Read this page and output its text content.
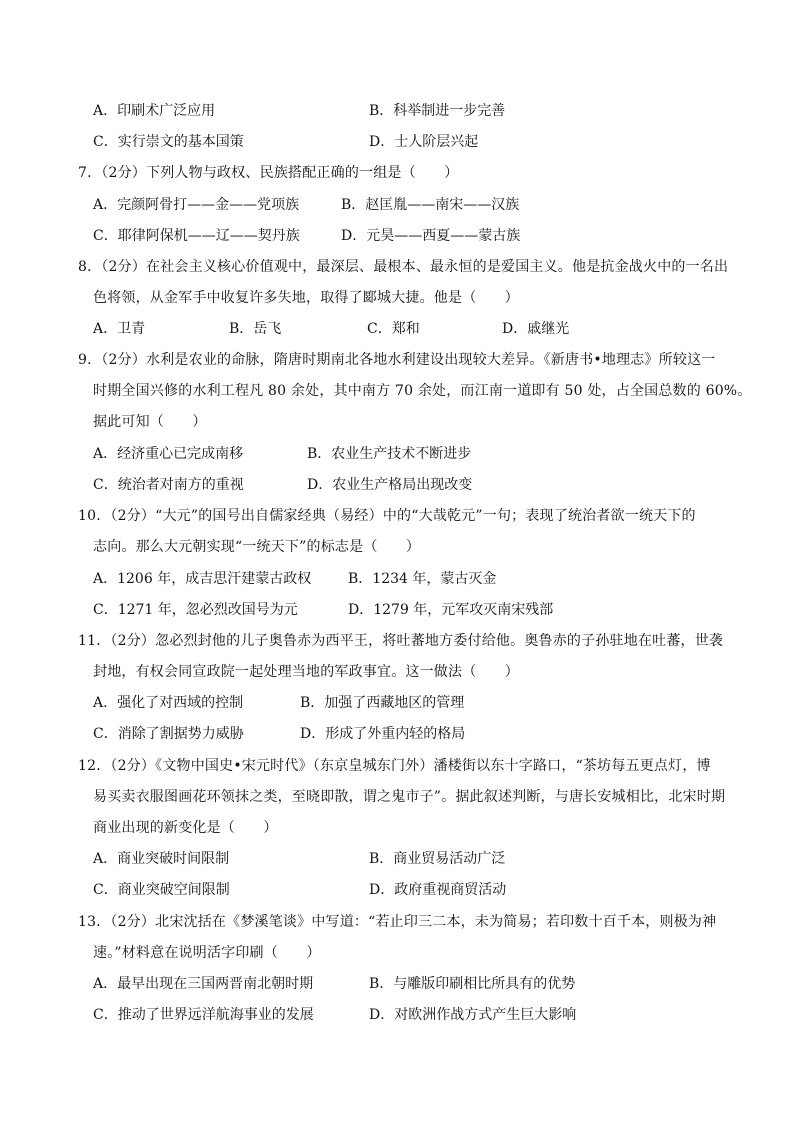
A．印刷术广泛应用	B．科举制进一步完善
C．实行崇文的基本国策	D．士人阶层兴起
7．（2分）下列人物与政权、民族搭配正确的一组是（　　）
A．完颜阿骨打——金——党项族	B．赵匡胤——南宋——汉族
C．耶律阿保机——辽——契丹族	D．元昊——西夏——蒙古族
8．（2分）在社会主义核心价值观中，最深层、最根本、最永恒的是爱国主义。他是抗金战火中的一名出
色将领，从金军手中收复许多失地，取得了郾城大捷。他是（　　）
A．卫青	B．岳飞	C．郑和	D．戚继光
9．（2分）水利是农业的命脉，隋唐时期南北各地水利建设出现较大差异。《新唐书•地理志》所较这一
时期全国兴修的水利工程凡 80 余处，其中南方 70 余处，而江南一道即有 50 处，占全国总数的 60%。
据此可知（　　）
A．经济重心已完成南移	B．农业生产技术不断进步
C．统治者对南方的重视	D．农业生产格局出现改变
10．（2分）“大元”的国号出自儒家经典（易经）中的“大哉乾元”一句；表现了统治者欲一统天下的
志向。那么大元朝实现“一统天下”的标志是（　　）
A．1206 年，成吉思汗建蒙古政权	B．1234 年，蒙古灭金
C．1271 年，忽必烈改国号为元	D．1279 年，元军攻灭南宋残部
11．（2分）忽必烈封他的儿子奥鲁赤为西平王，将吐蕃地方委付给他。奥鲁赤的子孙驻地在吐蕃，世袭
封地，有权会同宣政院一起处理当地的军政事宜。这一做法（　　）
A．强化了对西域的控制	B．加强了西藏地区的管理
C．消除了割据势力威胁	D．形成了外重内轻的格局
12．（2分）《文物中国史•宋元时代》（东京皇城东门外）潘楼街以东十字路口，“茶坊每五更点灯，博
易买卖衣服图画花环领抹之类，至晓即散，谓之鬼市子”。据此叙述判断，与唐长安城相比，北宋时期
商业出现的新变化是（　　）
A．商业突破时间限制	B．商业贸易活动广泛
C．商业突破空间限制	D．政府重视商贸活动
13．（2分）北宋沈括在《梦溪笔谈》中写道：“若止印三二本，未为简易；若印数十百千本，则极为神
速。”材料意在说明活字印刷（　　）
A．最早出现在三国两晋南北朝时期	B．与雕版印刷相比所具有的优势
C．推动了世界远洋航海事业的发展	D．对欧洲作战方式产生巨大影响
